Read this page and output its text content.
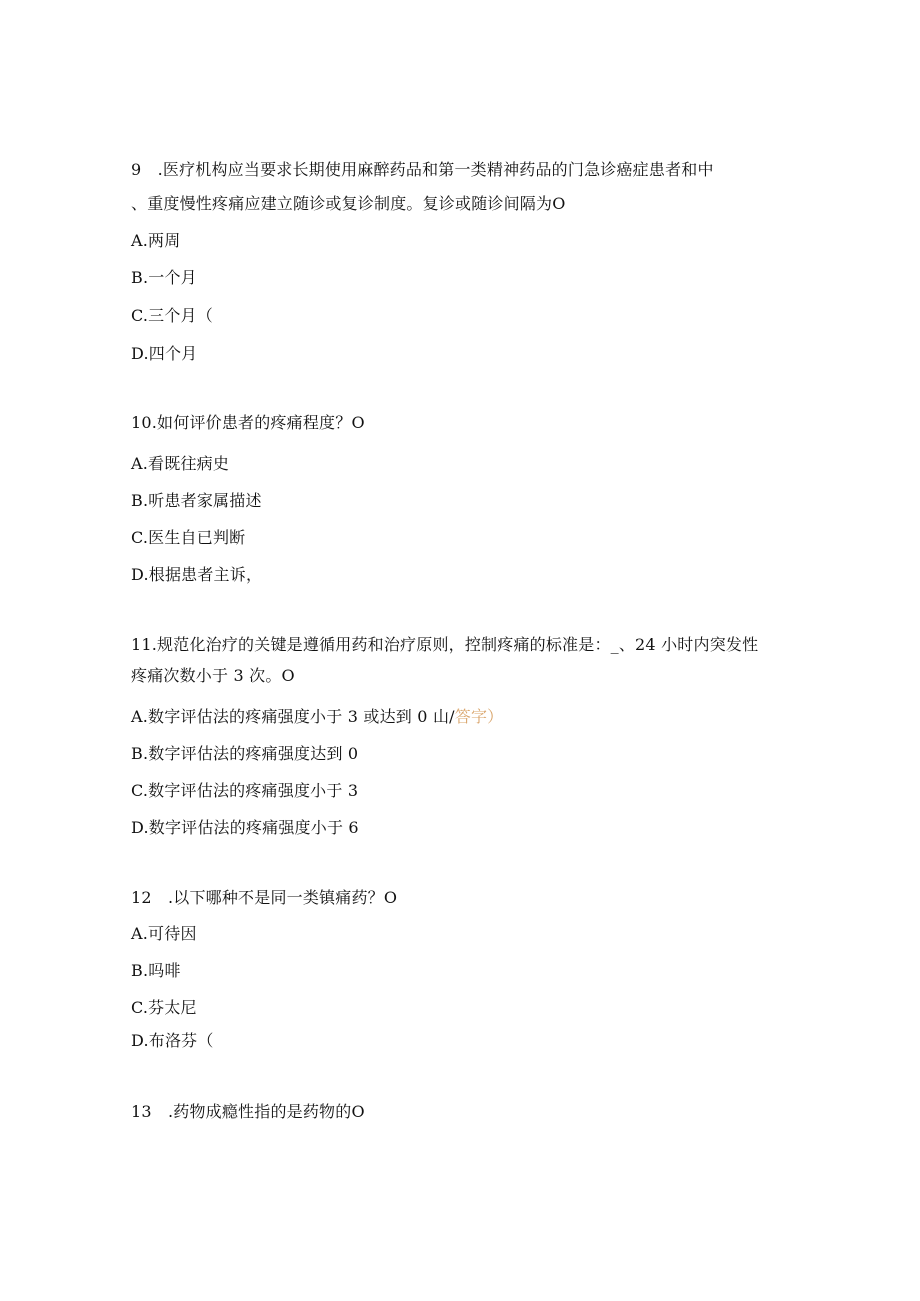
9　.医疗机构应当要求长期使用麻醉药品和第一类精神药品的门急诊癌症患者和中
、重度慢性疼痛应建立随诊或复诊制度。复诊或随诊间隔为O
A.两周
B.一个月
C.三个月（
D.四个月
10.如何评价患者的疼痛程度？O
A.看既往病史
B.听患者家属描述
C.医生自已判断
D.根据患者主诉，
11.规范化治疗的关键是遵循用药和治疗原则，控制疼痛的标准是：_、24 小时内突发性
疼痛次数小于 3 次。O
A.数字评估法的疼痛强度小于 3 或达到 0 山/答字）
B.数字评估法的疼痛强度达到 0
C.数字评估法的疼痛强度小于 3
D.数字评估法的疼痛强度小于 6
12　.以下哪种不是同一类镇痛药？O
A.可待因
B.吗啡
C.芬太尼
D.布洛芬（
13　.药物成瘾性指的是药物的O
